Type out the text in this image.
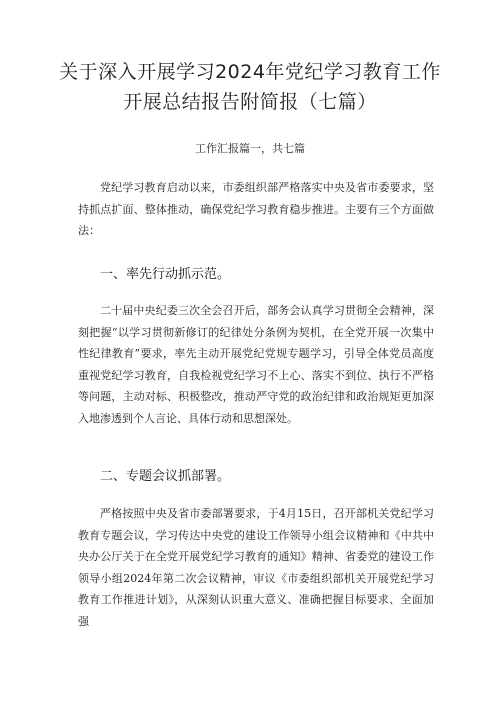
关于深入开展学习2024年党纪学习教育工作
开展总结报告附简报（七篇）
工作汇报篇一，共七篇

党纪学习教育启动以来，市委组织部严格落实中央及省市委要求，坚持抓点扩面、整体推动，确保党纪学习教育稳步推进。主要有三个方面做法：

一、率先行动抓示范。

二十届中央纪委三次全会召开后，部务会认真学习贯彻全会精神，深刻把握“以学习贯彻新修订的纪律处分条例为契机，在全党开展一次集中性纪律教育”要求，率先主动开展党纪党规专题学习，引导全体党员高度重视党纪学习教育，自我检视党纪学习不上心、落实不到位、执行不严格等问题，主动对标、积极整改，推动严守党的政治纪律和政治规矩更加深入地渗透到个人言论、具体行动和思想深处。

二、专题会议抓部署。

严格按照中央及省市委部署要求，于4月15日，召开部机关党纪学习教育专题会议，学习传达中央党的建设工作领导小组会议精神和《中共中央办公厅关于在全党开展党纪学习教育的通知》精神、省委党的建设工作领导小组2024年第二次会议精神，审议《市委组织部机关开展党纪学习教育工作推进计划》，从深刻认识重大意义、准确把握目标要求、全面加强
